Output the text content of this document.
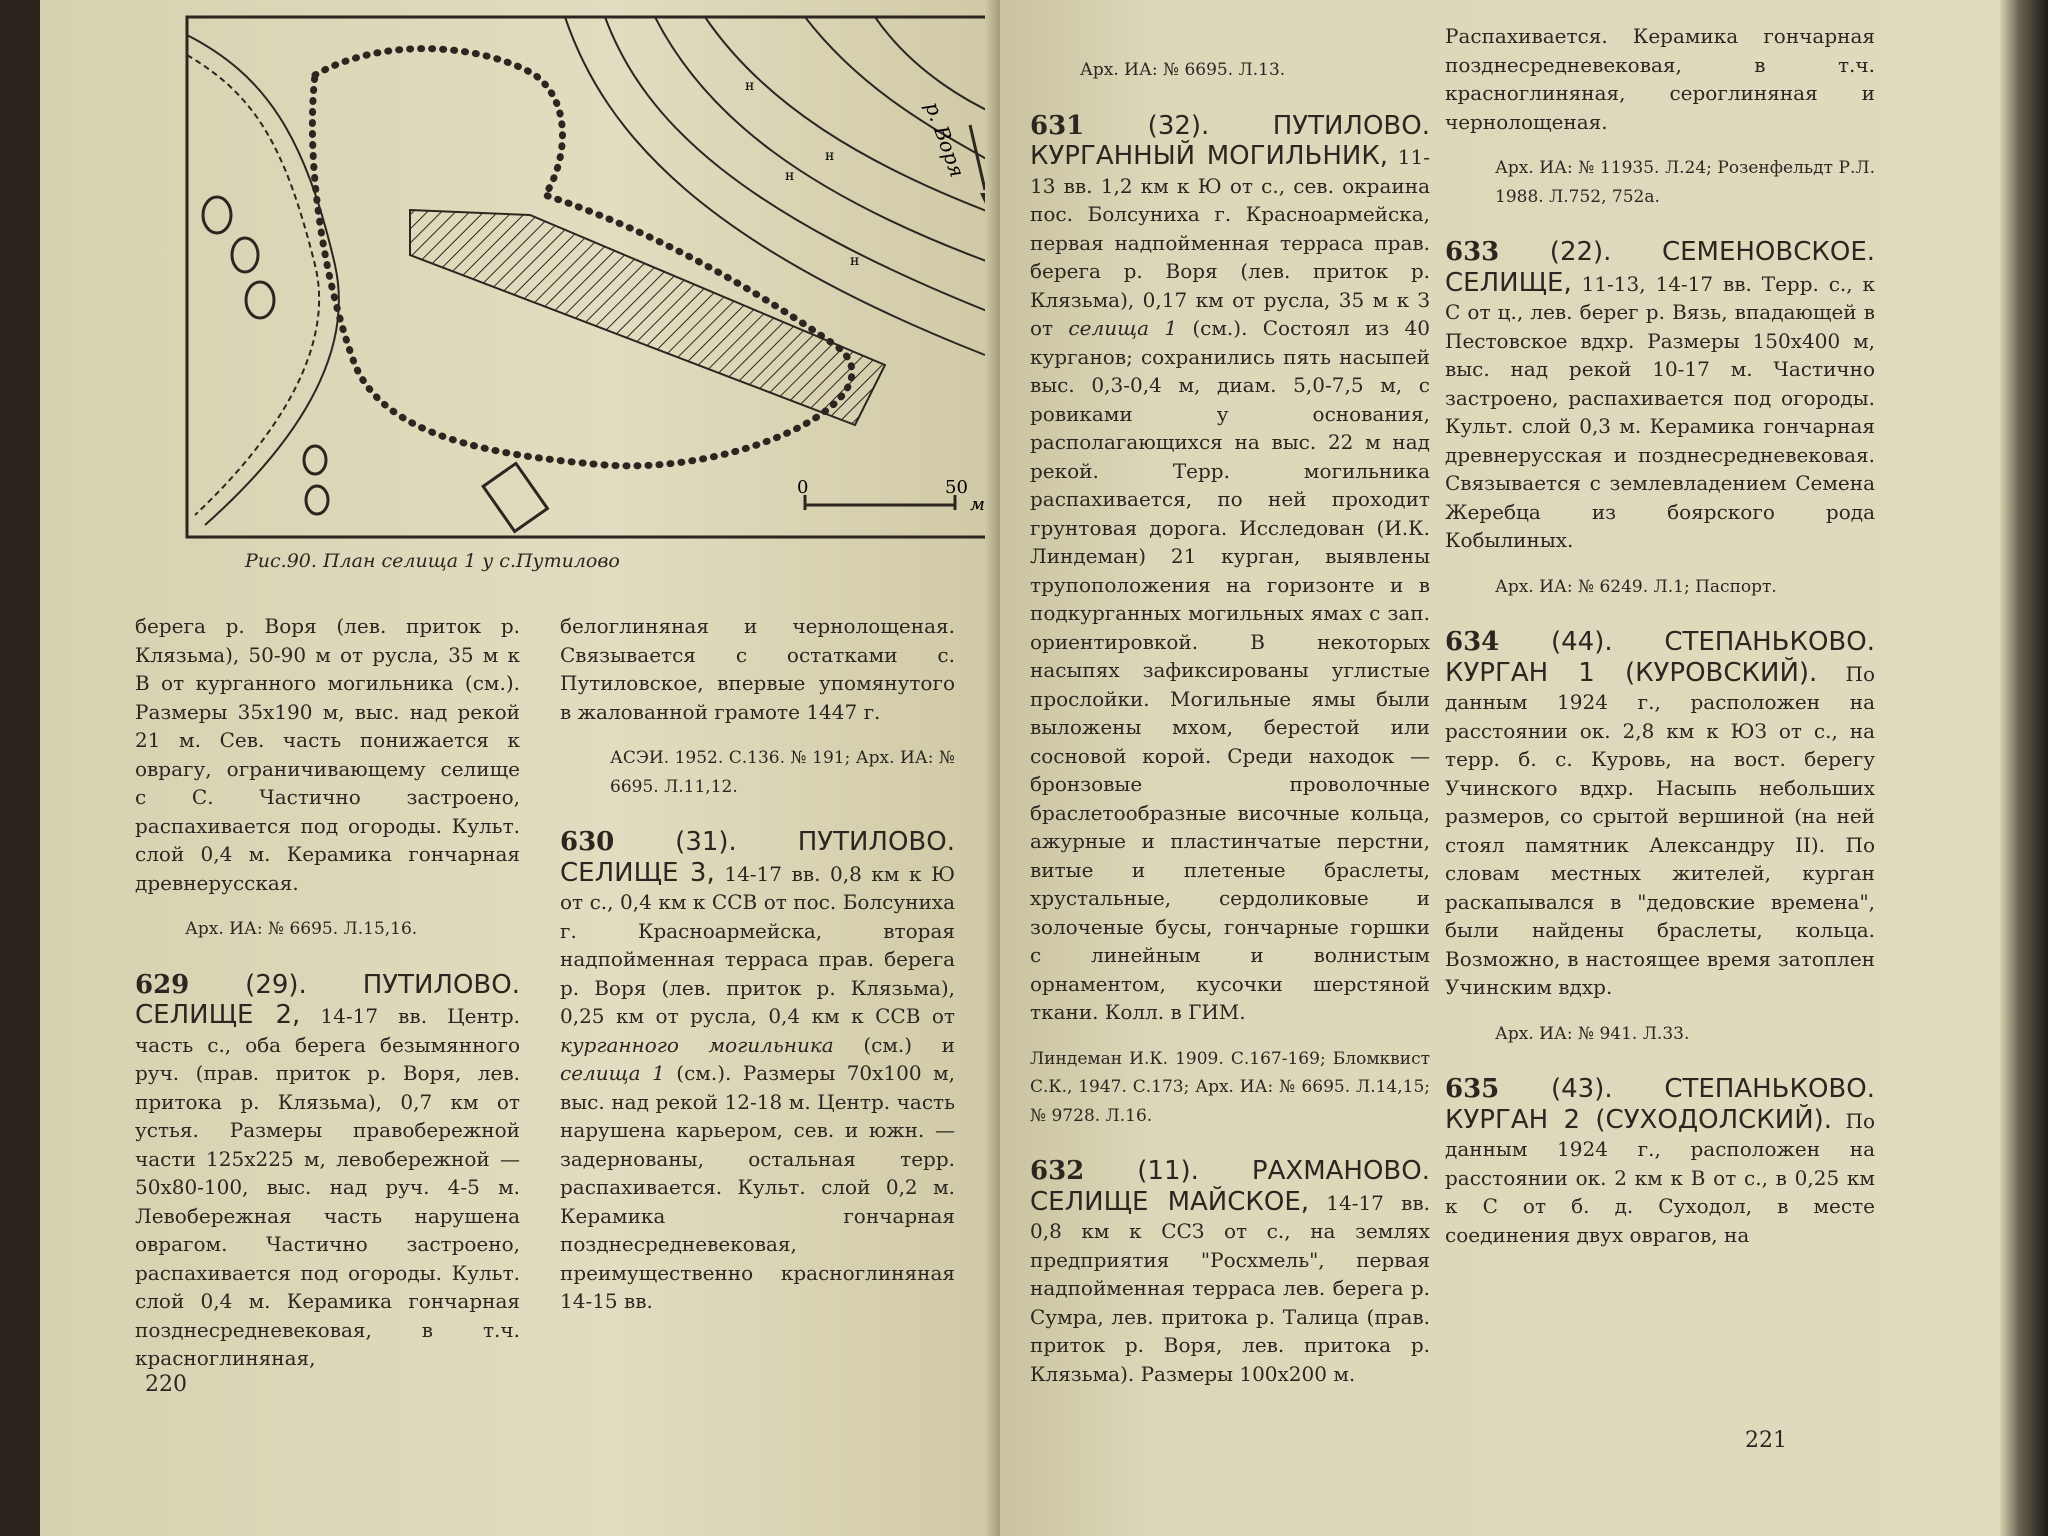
н
н
н
н	р. Воря
0	50
м
Рис.90. План селища 1 у с.Путилово

берега р. Воря (лев. приток р. Клязьма), 50-90 м от русла, 35 м к В от курганного могильника (см.). Размеры 35х190 м, выс. над рекой 21 м. Сев. часть понижается к оврагу, ограничивающему селище с С. Частично застроено, распахивается под огороды. Культ. слой 0,4 м. Керамика гончарная древнерусская.

Арх. ИА: № 6695. Л.15,16.

629 (29). ПУТИЛОВО. СЕЛИЩЕ 2, 14-17 вв. Центр. часть с., оба берега безымянного руч. (прав. приток р. Воря, лев. притока р. Клязьма), 0,7 км от устья. Размеры правобережной части 125х225 м, левобережной — 50х80-100, выс. над руч. 4-5 м. Левобережная часть нарушена оврагом. Частично застроено, распахивается под огороды. Культ. слой 0,4 м. Керамика гончарная позднесредневековая, в т.ч. красноглиняная,

белоглиняная и чернолощеная. Связывается с остатками с. Путиловское, впервые упомянутого в жалованной грамоте 1447 г.

АСЭИ. 1952. С.136. № 191; Арх. ИА: № 6695. Л.11,12.

630 (31). ПУТИЛОВО. СЕЛИЩЕ 3, 14-17 вв. 0,8 км к Ю от с., 0,4 км к ССВ от пос. Болсуниха г. Красноармейска, вторая надпойменная терраса прав. берега р. Воря (лев. приток р. Клязьма), 0,25 км от русла, 0,4 км к ССВ от курганного могильника (см.) и селища 1 (см.). Размеры 70х100 м, выс. над рекой 12-18 м. Центр. часть нарушена карьером, сев. и южн. — задернованы, остальная терр. распахивается. Культ. слой 0,2 м. Керамика гончарная позднесредневековая, преимущественно красноглиняная 14-15 вв.

220

Арх. ИА: № 6695. Л.13.

631 (32). ПУТИЛОВО. КУРГАННЫЙ МОГИЛЬНИК, 11-13 вв. 1,2 км к Ю от с., сев. окраина пос. Болсуниха г. Красноармейска, первая надпойменная терраса прав. берега р. Воря (лев. приток р. Клязьма), 0,17 км от русла, 35 м к З от селища 1 (см.). Состоял из 40 курганов; сохранились пять насыпей выс. 0,3-0,4 м, диам. 5,0-7,5 м, с ровиками у основания, располагающихся на выс. 22 м над рекой. Терр. могильника распахивается, по ней проходит грунтовая дорога. Исследован (И.К. Линдеман) 21 курган, выявлены трупоположения на горизонте и в подкурганных могильных ямах с зап. ориентировкой. В некоторых насыпях зафиксированы углистые прослойки. Могильные ямы были выложены мхом, берестой или сосновой корой. Среди находок — бронзовые проволочные браслетообразные височные кольца, ажурные и пластинчатые перстни, витые и плетеные браслеты, хрустальные, сердоликовые и золоченые бусы, гончарные горшки с линейным и волнистым орнаментом, кусочки шерстяной ткани. Колл. в ГИМ.

Линдеман И.К. 1909. С.167-169; Бломквист С.К., 1947. С.173; Арх. ИА: № 6695. Л.14,15; № 9728. Л.16.

632 (11). РАХМАНОВО. СЕЛИЩЕ МАЙСКОЕ, 14-17 вв. 0,8 км к ССЗ от с., на землях предприятия "Росхмель", первая надпойменная терраса лев. берега р. Сумра, лев. притока р. Талица (прав. приток р. Воря, лев. притока р. Клязьма). Размеры 100х200 м.

Распахивается. Керамика гончарная позднесредневековая, в т.ч. красноглиняная, сероглиняная и чернолощеная.

Арх. ИА: № 11935. Л.24; Розенфельдт Р.Л. 1988. Л.752, 752а.

633 (22). СЕМЕНОВСКОЕ. СЕЛИЩЕ, 11-13, 14-17 вв. Терр. с., к С от ц., лев. берег р. Вязь, впадающей в Пестовское вдхр. Размеры 150х400 м, выс. над рекой 10-17 м. Частично застроено, распахивается под огороды. Культ. слой 0,3 м. Керамика гончарная древнерусская и позднесредневековая. Связывается с землевладением Семена Жеребца из боярского рода Кобылиных.

Арх. ИА: № 6249. Л.1; Паспорт.

634 (44). СТЕПАНЬКОВО. КУРГАН 1 (КУРОВСКИЙ). По данным 1924 г., расположен на расстоянии ок. 2,8 км к ЮЗ от с., на терр. б. с. Куровь, на вост. берегу Учинского вдхр. Насыпь небольших размеров, со срытой вершиной (на ней стоял памятник Александру II). По словам местных жителей, курган раскапывался в "дедовские времена", были найдены браслеты, кольца. Возможно, в настоящее время затоплен Учинским вдхр.

Арх. ИА: № 941. Л.33.

635 (43). СТЕПАНЬКОВО. КУРГАН 2 (СУХОДОЛСКИЙ). По данным 1924 г., расположен на расстоянии ок. 2 км к В от с., в 0,25 км к С от б. д. Суходол, в месте соединения двух оврагов, на

221
